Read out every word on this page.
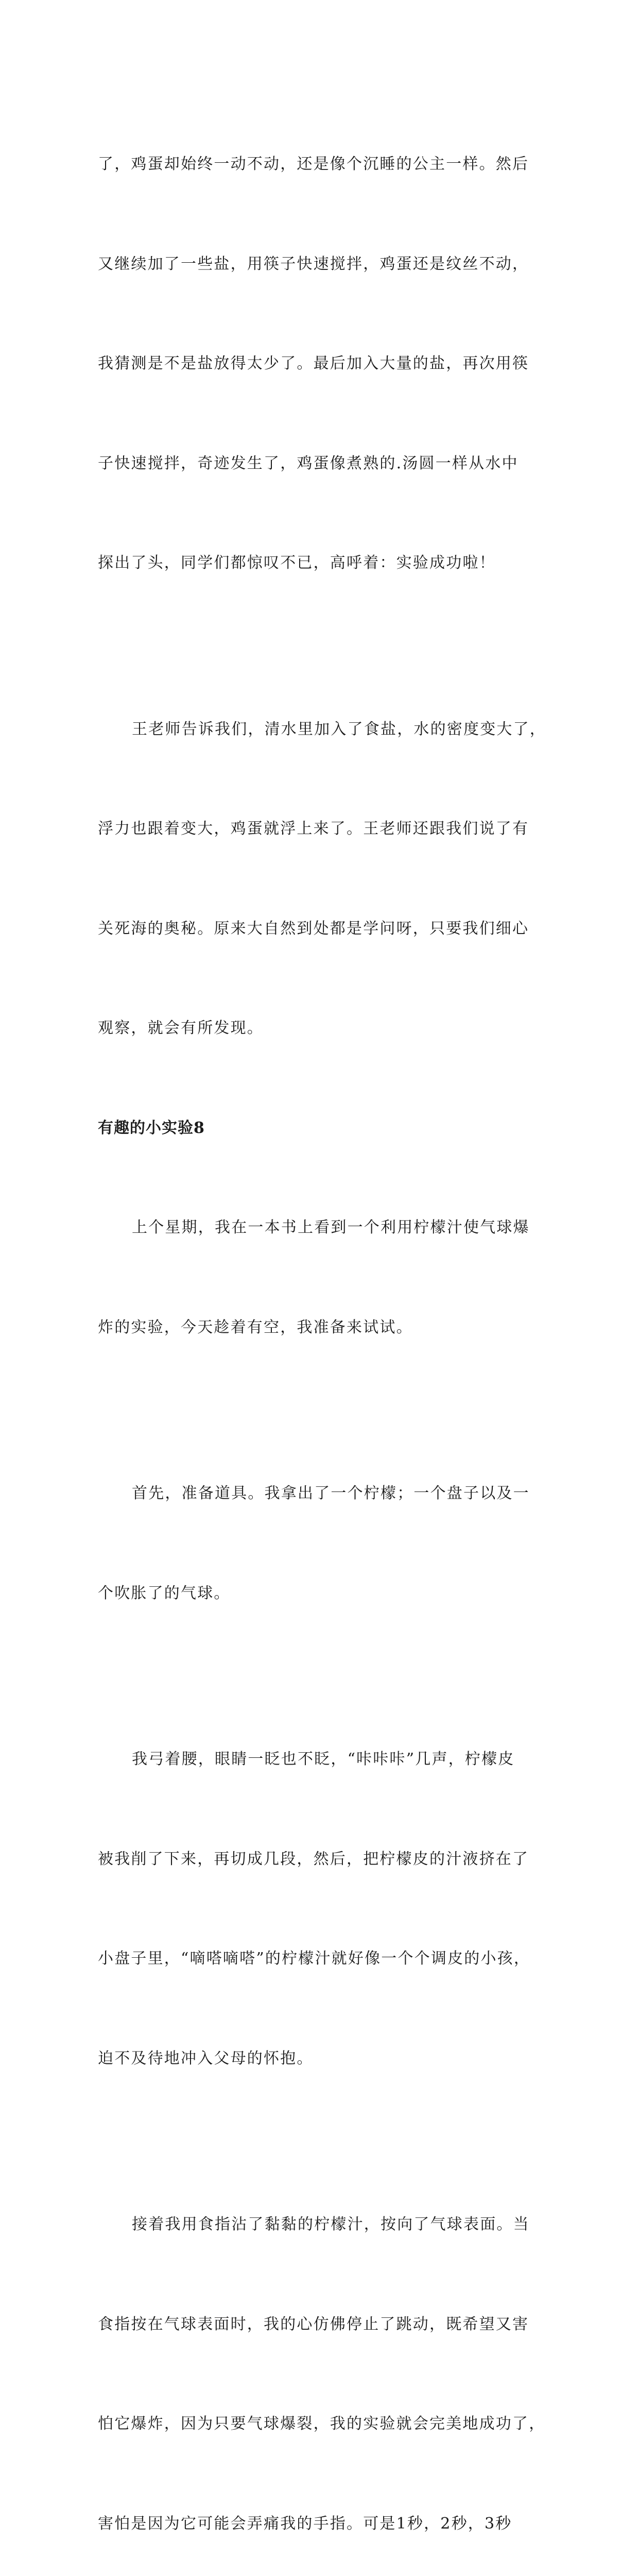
了，鸡蛋却始终一动不动，还是像个沉睡的公主一样。然后

又继续加了一些盐，用筷子快速搅拌，鸡蛋还是纹丝不动，

我猜测是不是盐放得太少了。最后加入大量的盐，再次用筷

子快速搅拌，奇迹发生了，鸡蛋像煮熟的.汤圆一样从水中

探出了头，同学们都惊叹不已，高呼着：实验成功啦！

王老师告诉我们，清水里加入了食盐，水的密度变大了，

浮力也跟着变大，鸡蛋就浮上来了。王老师还跟我们说了有

关死海的奥秘。原来大自然到处都是学问呀，只要我们细心

观察，就会有所发现。

有趣的小实验8

上个星期，我在一本书上看到一个利用柠檬汁使气球爆

炸的实验，今天趁着有空，我准备来试试。

首先，准备道具。我拿出了一个柠檬；一个盘子以及一

个吹胀了的气球。

我弓着腰，眼睛一眨也不眨，“咔咔咔”几声，柠檬皮

被我削了下来，再切成几段，然后，把柠檬皮的汁液挤在了

小盘子里，“嘀嗒嘀嗒”的柠檬汁就好像一个个调皮的小孩，

迫不及待地冲入父母的怀抱。

接着我用食指沾了黏黏的柠檬汁，按向了气球表面。当

食指按在气球表面时，我的心仿佛停止了跳动，既希望又害

怕它爆炸，因为只要气球爆裂，我的实验就会完美地成功了，

害怕是因为它可能会弄痛我的手指。可是1秒，2秒，3秒
